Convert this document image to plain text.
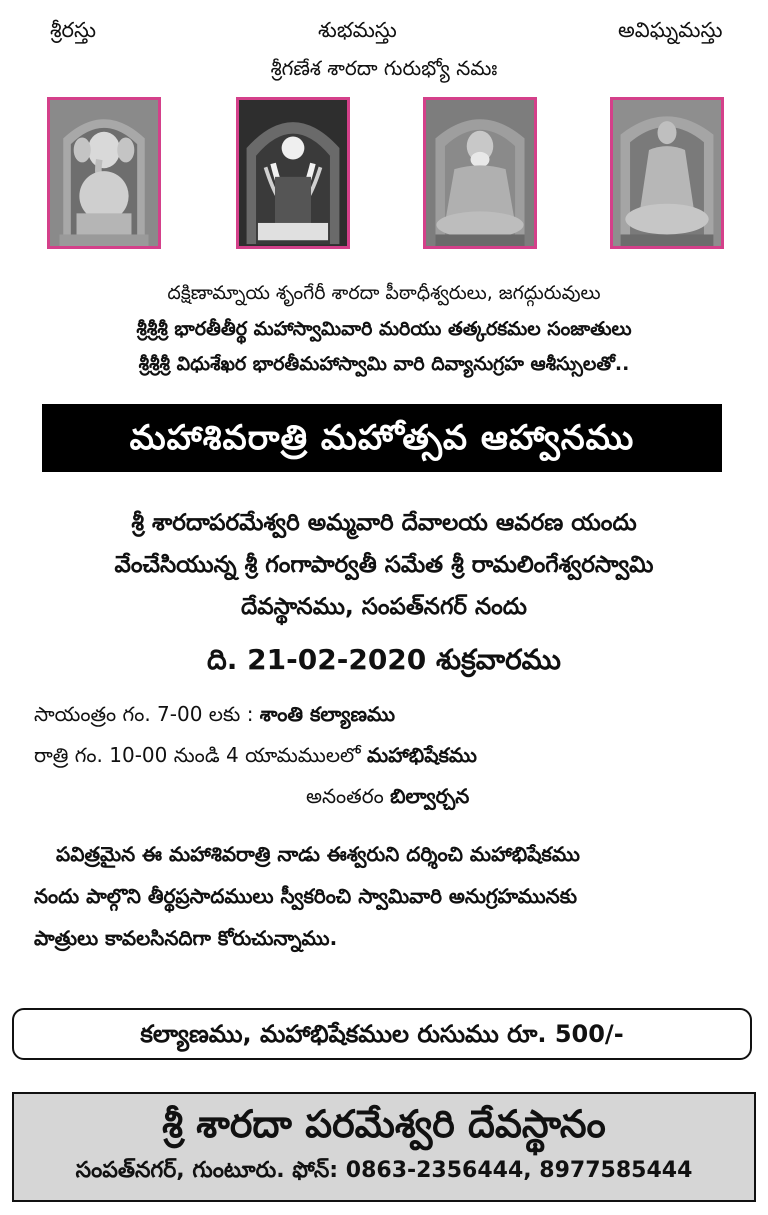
శ్రీరస్తు	శుభమస్తు	అవిఘ్నమస్తు
శ్రీగణేశ శారదా గురుభ్యో నమః
దక్షిణామ్నాయ శృంగేరీ శారదా పీఠాధీశ్వరులు, జగద్గురువులు
శ్రీశ్రీశ్రీ భారతీతీర్థ మహాస్వామివారి మరియు తత్కరకమల సంజాతులు
శ్రీశ్రీశ్రీ విధుశేఖర భారతీమహాస్వామి వారి దివ్యానుగ్రహ ఆశీస్సులతో..
మహాశివరాత్రి మహోత్సవ ఆహ్వానము
శ్రీ శారదాపరమేశ్వరి అమ్మవారి దేవాలయ ఆవరణ యందు
వేంచేసియున్న శ్రీ గంగాపార్వతీ సమేత శ్రీ రామలింగేశ్వరస్వామి
దేవస్థానము, సంపత్‌నగర్ నందు
ది. 21-02-2020 శుక్రవారము
సాయంత్రం గం. 7-00 లకు : శాంతి కల్యాణము
రాత్రి గం. 10-00 నుండి 4 యామములలో మహాభిషేకము
అనంతరం బిల్వార్చన
పవిత్రమైన ఈ మహాశివరాత్రి నాడు ఈశ్వరుని దర్శించి మహాభిషేకము
నందు పాల్గొని తీర్థప్రసాదములు స్వీకరించి స్వామివారి అనుగ్రహమునకు
పాత్రులు కావలసినదిగా కోరుచున్నాము.
కల్యాణము, మహాభిషేకముల రుసుము రూ. 500/-
శ్రీ శారదా పరమేశ్వరి దేవస్థానం
సంపత్‌నగర్, గుంటూరు. ఫోన్: 0863-2356444, 8977585444
